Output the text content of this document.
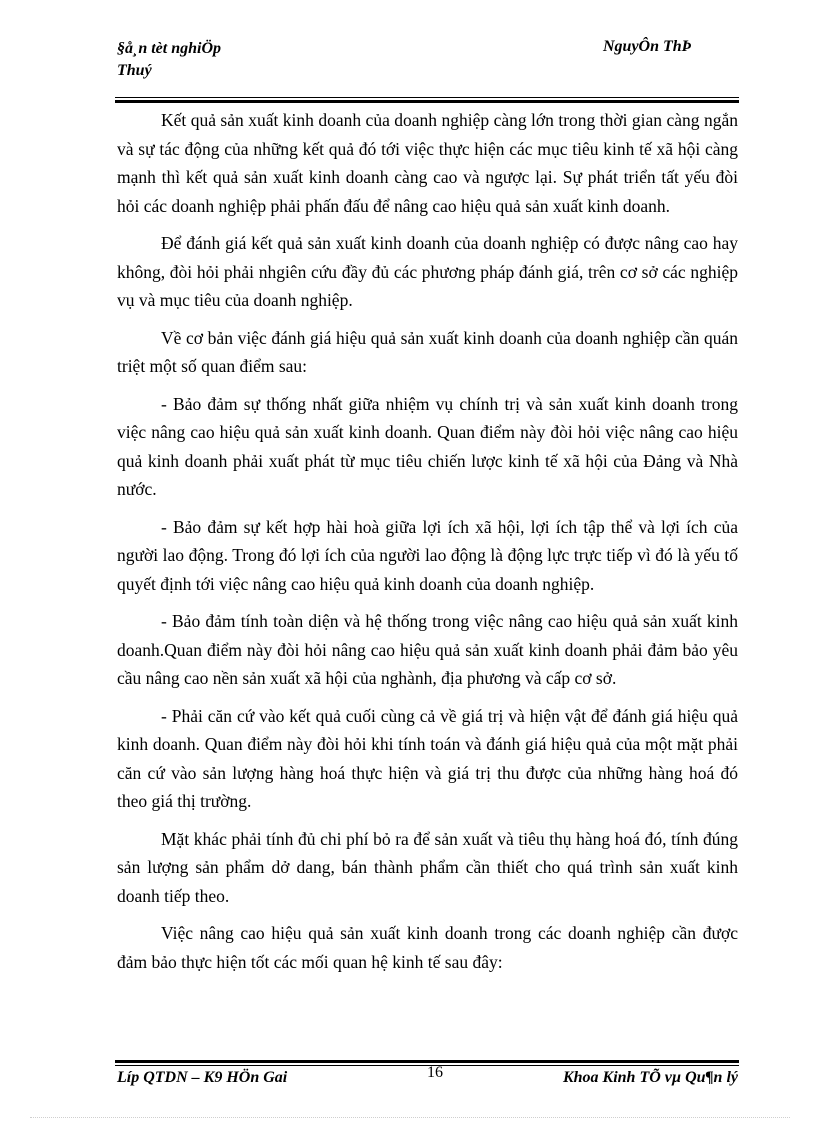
§å¸n tèt nghiÖp
Thuý
NguyÔn ThÞ

Kết quả sản xuất kinh doanh của doanh nghiệp càng lớn trong thời gian càng ngắn và sự tác động của những kết quả đó tới việc thực hiện các mục tiêu kinh tế xã hội càng mạnh thì kết quả sản xuất kinh doanh càng cao và ngược lại. Sự phát triển tất yếu đòi hỏi các doanh nghiệp phải phấn đấu để nâng cao hiệu quả sản xuất kinh doanh.

Để đánh giá kết quả sản xuất kinh doanh của doanh nghiệp có được nâng cao hay không, đòi hỏi phải nhgiên cứu đầy đủ các phương pháp đánh giá, trên cơ sở các nghiệp vụ và mục tiêu của doanh nghiệp.

Về cơ bản việc đánh giá hiệu quả sản xuất kinh doanh của doanh nghiệp cần quán triệt một số quan điểm sau:

- Bảo đảm sự thống nhất giữa nhiệm vụ chính trị và sản xuất kinh doanh trong việc nâng cao hiệu quả sản xuất kinh doanh. Quan điểm này đòi hỏi việc nâng cao hiệu quả kinh doanh phải xuất phát từ mục tiêu chiến lược kinh tế xã hội của Đảng và Nhà nước.

- Bảo đảm sự kết hợp hài hoà giữa lợi ích xã hội, lợi ích tập thể và lợi ích của người lao động. Trong đó lợi ích của người lao động là động lực trực tiếp vì đó là yếu tố quyết định tới việc nâng cao hiệu quả kinh doanh của doanh nghiệp.

- Bảo đảm tính toàn diện và hệ thống trong việc nâng cao hiệu quả sản xuất kinh doanh.Quan điểm này đòi hỏi nâng cao hiệu quả sản xuất kinh doanh phải đảm bảo yêu cầu nâng cao nền sản xuất xã hội của nghành, địa phương và cấp cơ sở.

- Phải căn cứ vào kết quả cuối cùng cả về giá trị và hiện vật để đánh giá hiệu quả kinh doanh. Quan điểm này đòi hỏi khi tính toán và đánh giá hiệu quả của một mặt phải căn cứ vào sản lượng hàng hoá thực hiện và giá trị thu được của những hàng hoá đó theo giá thị trường.

Mặt khác phải tính đủ chi phí bỏ ra để sản xuất và tiêu thụ hàng hoá đó, tính đúng sản lượng sản phẩm dở dang, bán thành phẩm cần thiết cho quá trình sản xuất kinh doanh tiếp theo.

Việc nâng cao hiệu quả sản xuất kinh doanh trong các doanh nghiệp cần được đảm bảo thực hiện tốt các mối quan hệ kinh tế sau đây:

Líp QTDN – K9 HÖn Gai	16	Khoa Kinh TÕ vµ Qu¶n lý
